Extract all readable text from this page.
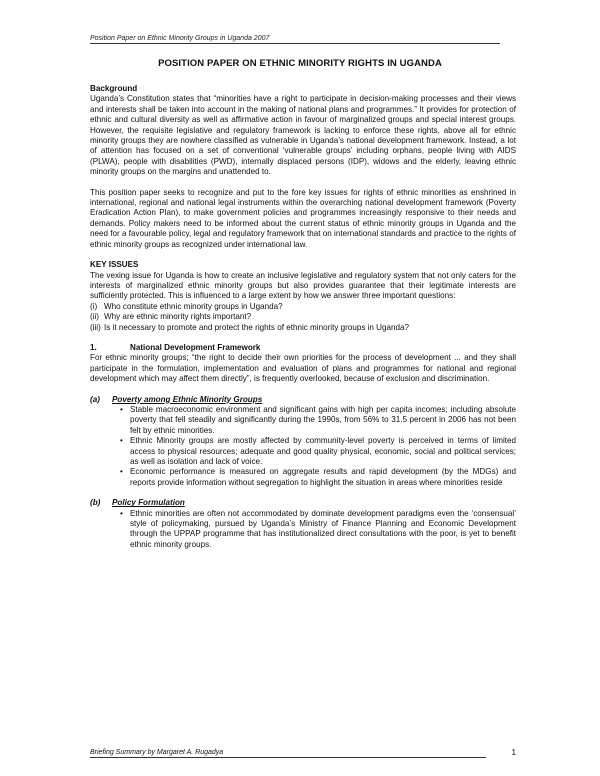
Position Paper on Ethnic Minority Groups in Uganda 2007
POSITION PAPER ON ETHNIC MINORITY RIGHTS IN UGANDA

Background

Uganda’s Constitution states that “minorities have a right to participate in decision-making processes and their views and interests shall be taken into account in the making of national plans and programmes.” It provides for protection of ethnic and cultural diversity as well as affirmative action in favour of marginalized groups and special interest groups. However, the requisite legislative and regulatory framework is lacking to enforce these rights, above all for ethnic minority groups they are nowhere classified as vulnerable in Uganda’s national development framework. Instead, a lot of attention has focused on a set of conventional ‘vulnerable groups’ including orphans, people living with AIDS (PLWA), people with disabilities (PWD), internally displaced persons (IDP), widows and the elderly, leaving ethnic minority groups on the margins and unattended to.

This position paper seeks to recognize and put to the fore key issues for rights of ethnic minorities as enshrined in international, regional and national legal instruments within the overarching national development framework (Poverty Eradication Action Plan), to make government policies and programmes increasingly responsive to their needs and demands. Policy makers need to be informed about the current status of ethnic minority groups in Uganda and the need for a favourable policy, legal and regulatory framework that on international standards and practice to the rights of ethnic minority groups as recognized under international law.

KEY ISSUES

The vexing issue for Uganda is how to create an inclusive legislative and regulatory system that not only caters for the interests of marginalized ethnic minority groups but also provides guarantee that their legitimate interests are sufficiently protected. This is influenced to a large extent by how we answer three important questions:

(i) Who constitute ethnic minority groups in Uganda?
(ii) Why are ethnic minority rights important?
(iii) Is it necessary to promote and protect the rights of ethnic minority groups in Uganda?
1.	National Development Framework

For ethnic minority groups; “the right to decide their own priorities for the process of development ... and they shall participate in the formulation, implementation and evaluation of plans and programmes for national and regional development which may affect them directly”, is frequently overlooked, because of exclusion and discrimination.

(a)	Poverty among Ethnic Minority Groups
• Stable macroeconomic environment and significant gains with high per capita incomes; including absolute poverty that fell steadily and significantly during the 1990s, from 56% to 31.5 percent in 2006 has not been felt by ethnic minorities.
• Ethnic Minority groups are mostly affected by community-level poverty is perceived in terms of limited access to physical resources; adequate and good quality physical, economic, social and political services; as well as isolation and lack of voice.
• Economic performance is measured on aggregate results and rapid development (by the MDGs) and reports provide information without segregation to highlight the situation in areas where minorities reside
(b)	Policy Formulation
• Ethnic minorities are often not accommodated by dominate development paradigms even the ‘consensual’ style of policymaking, pursued by Uganda’s Ministry of Finance Planning and Economic Development through the UPPAP programme that has institutionalized direct consultations with the poor, is yet to benefit ethnic minority groups.
Briefing Summary by Margaret A. Rugadya	1
